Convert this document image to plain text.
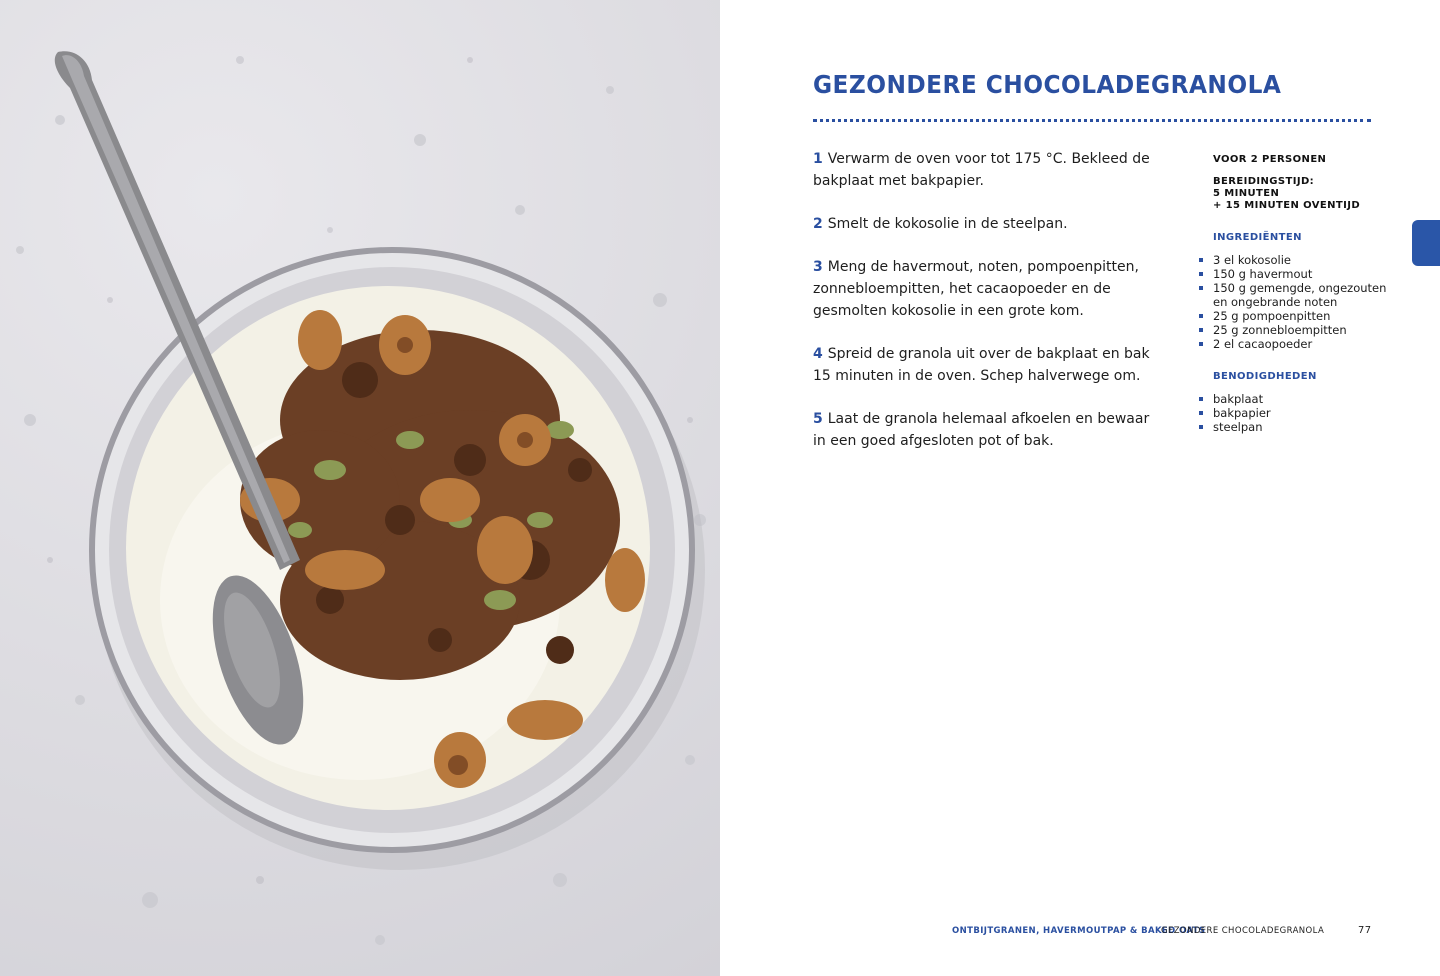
GEZONDERE CHOCOLADEGRANOLA
1 Verwarm de oven voor tot 175 °C. Bekleed de bakplaat met bakpapier.
2 Smelt de kokosolie in de steelpan.
3 Meng de havermout, noten, pompoenpitten, zonnebloempitten, het cacaopoeder en de gesmolten kokosolie in een grote kom.
4 Spreid de granola uit over de bakplaat en bak 15 minuten in de oven. Schep halverwege om.
5 Laat de granola helemaal afkoelen en bewaar in een goed afgesloten pot of bak.
VOOR 2 PERSONEN
BEREIDINGSTIJD:
5 MINUTEN
+ 15 MINUTEN OVENTIJD
INGREDIËNTEN
3 el kokosolie
150 g havermout
150 g gemengde, ongezouten en ongebrande noten
25 g pompoenpitten
25 g zonnebloempitten
2 el cacaopoeder
BENODIGDHEDEN
bakplaat
bakpapier
steelpan
ONTBIJTGRANEN, HAVERMOUTPAP & BAKED OATS
GEZONDERE CHOCOLADEGRANOLA	77
